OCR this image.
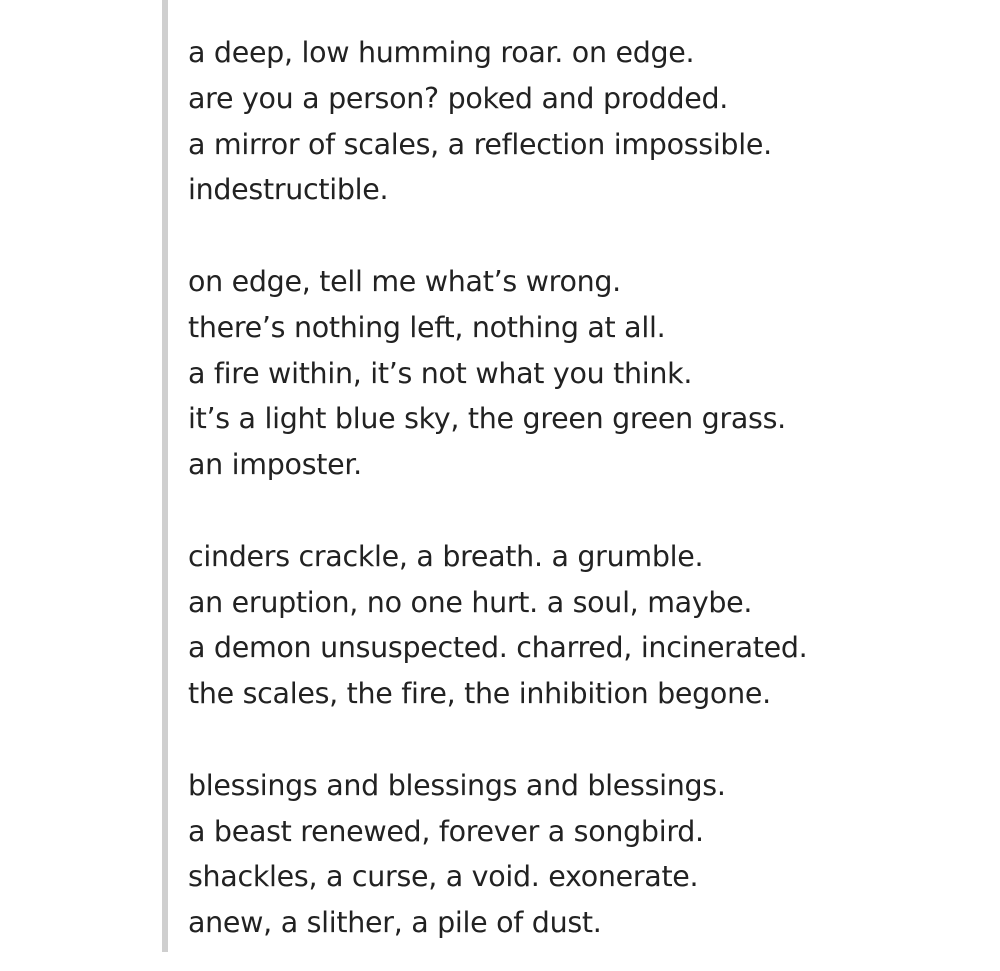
a deep, low humming roar. on edge.
are you a person? poked and prodded.
a mirror of scales, a reflection impossible.
indestructible.
on edge, tell me what’s wrong.
there’s nothing left, nothing at all.
a fire within, it’s not what you think.
it’s a light blue sky, the green green grass.
an imposter.
cinders crackle, a breath. a grumble.
an eruption, no one hurt. a soul, maybe.
a demon unsuspected. charred, incinerated.
the scales, the fire, the inhibition begone.
blessings and blessings and blessings.
a beast renewed, forever a songbird.
shackles, a curse, a void. exonerate.
anew, a slither, a pile of dust.
